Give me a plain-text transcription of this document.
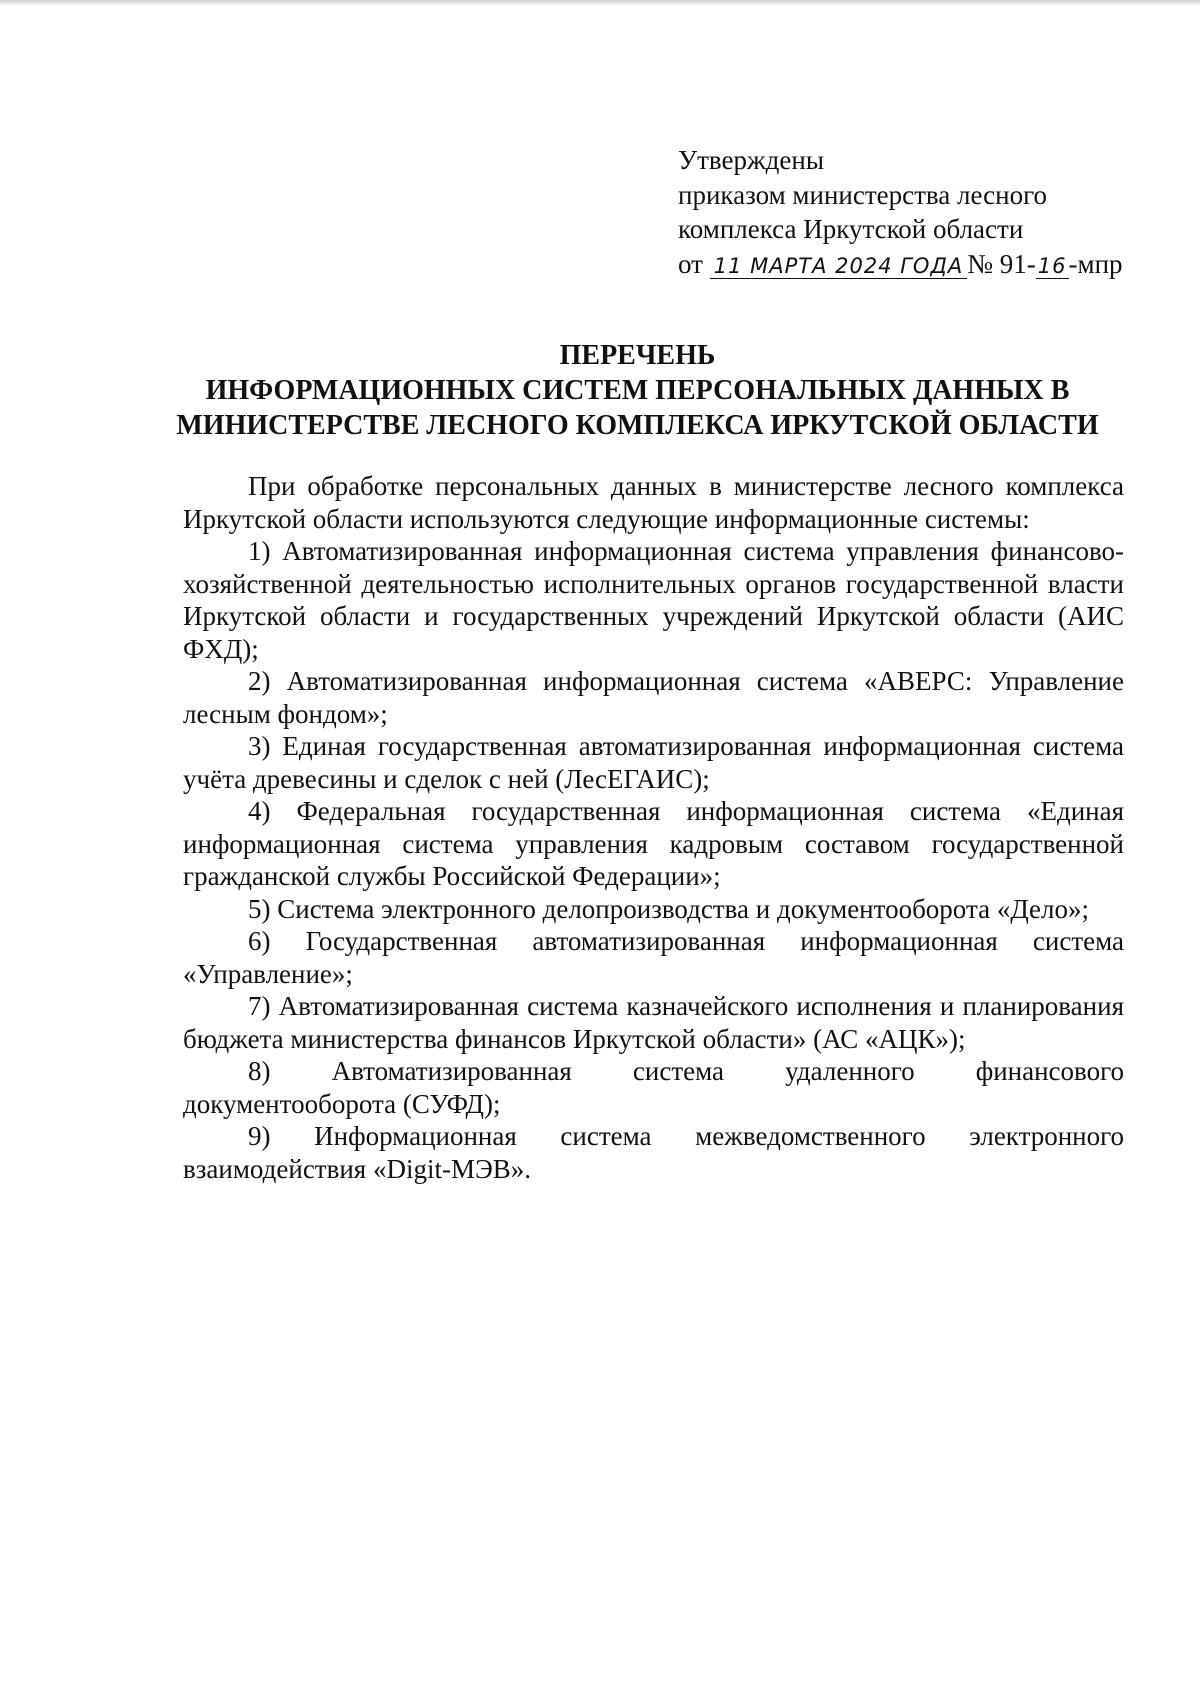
Утверждены
приказом министерства лесного
комплекса Иркутской области
от 11 МАРТА 2024 ГОДА № 91-16-мпр
ПЕРЕЧЕНЬ
ИНФОРМАЦИОННЫХ СИСТЕМ ПЕРСОНАЛЬНЫХ ДАННЫХ В
МИНИСТЕРСТВЕ ЛЕСНОГО КОМПЛЕКСА ИРКУТСКОЙ ОБЛАСТИ

При обработке персональных данных в министерстве лесного комплекса Иркутской области используются следующие информационные системы:

1) Автоматизированная информационная система управления финансово-хозяйственной деятельностью исполнительных органов государственной власти Иркутской области и государственных учреждений Иркутской области (АИС ФХД);

2) Автоматизированная информационная система «АВЕРС: Управление лесным фондом»;

3) Единая государственная автоматизированная информационная система учёта древесины и сделок с ней (ЛесЕГАИС);

4) Федеральная государственная информационная система «Единая информационная система управления кадровым составом государственной гражданской службы Российской Федерации»;

5) Система электронного делопроизводства и документооборота «Дело»;

6) Государственная автоматизированная информационная система «Управление»;

7) Автоматизированная система казначейского исполнения и планирования бюджета министерства финансов Иркутской области» (АС «АЦК»);

8) Автоматизированная система удаленного финансового документооборота (СУФД);

9) Информационная система межведомственного электронного взаимодействия «Digit-МЭВ».
